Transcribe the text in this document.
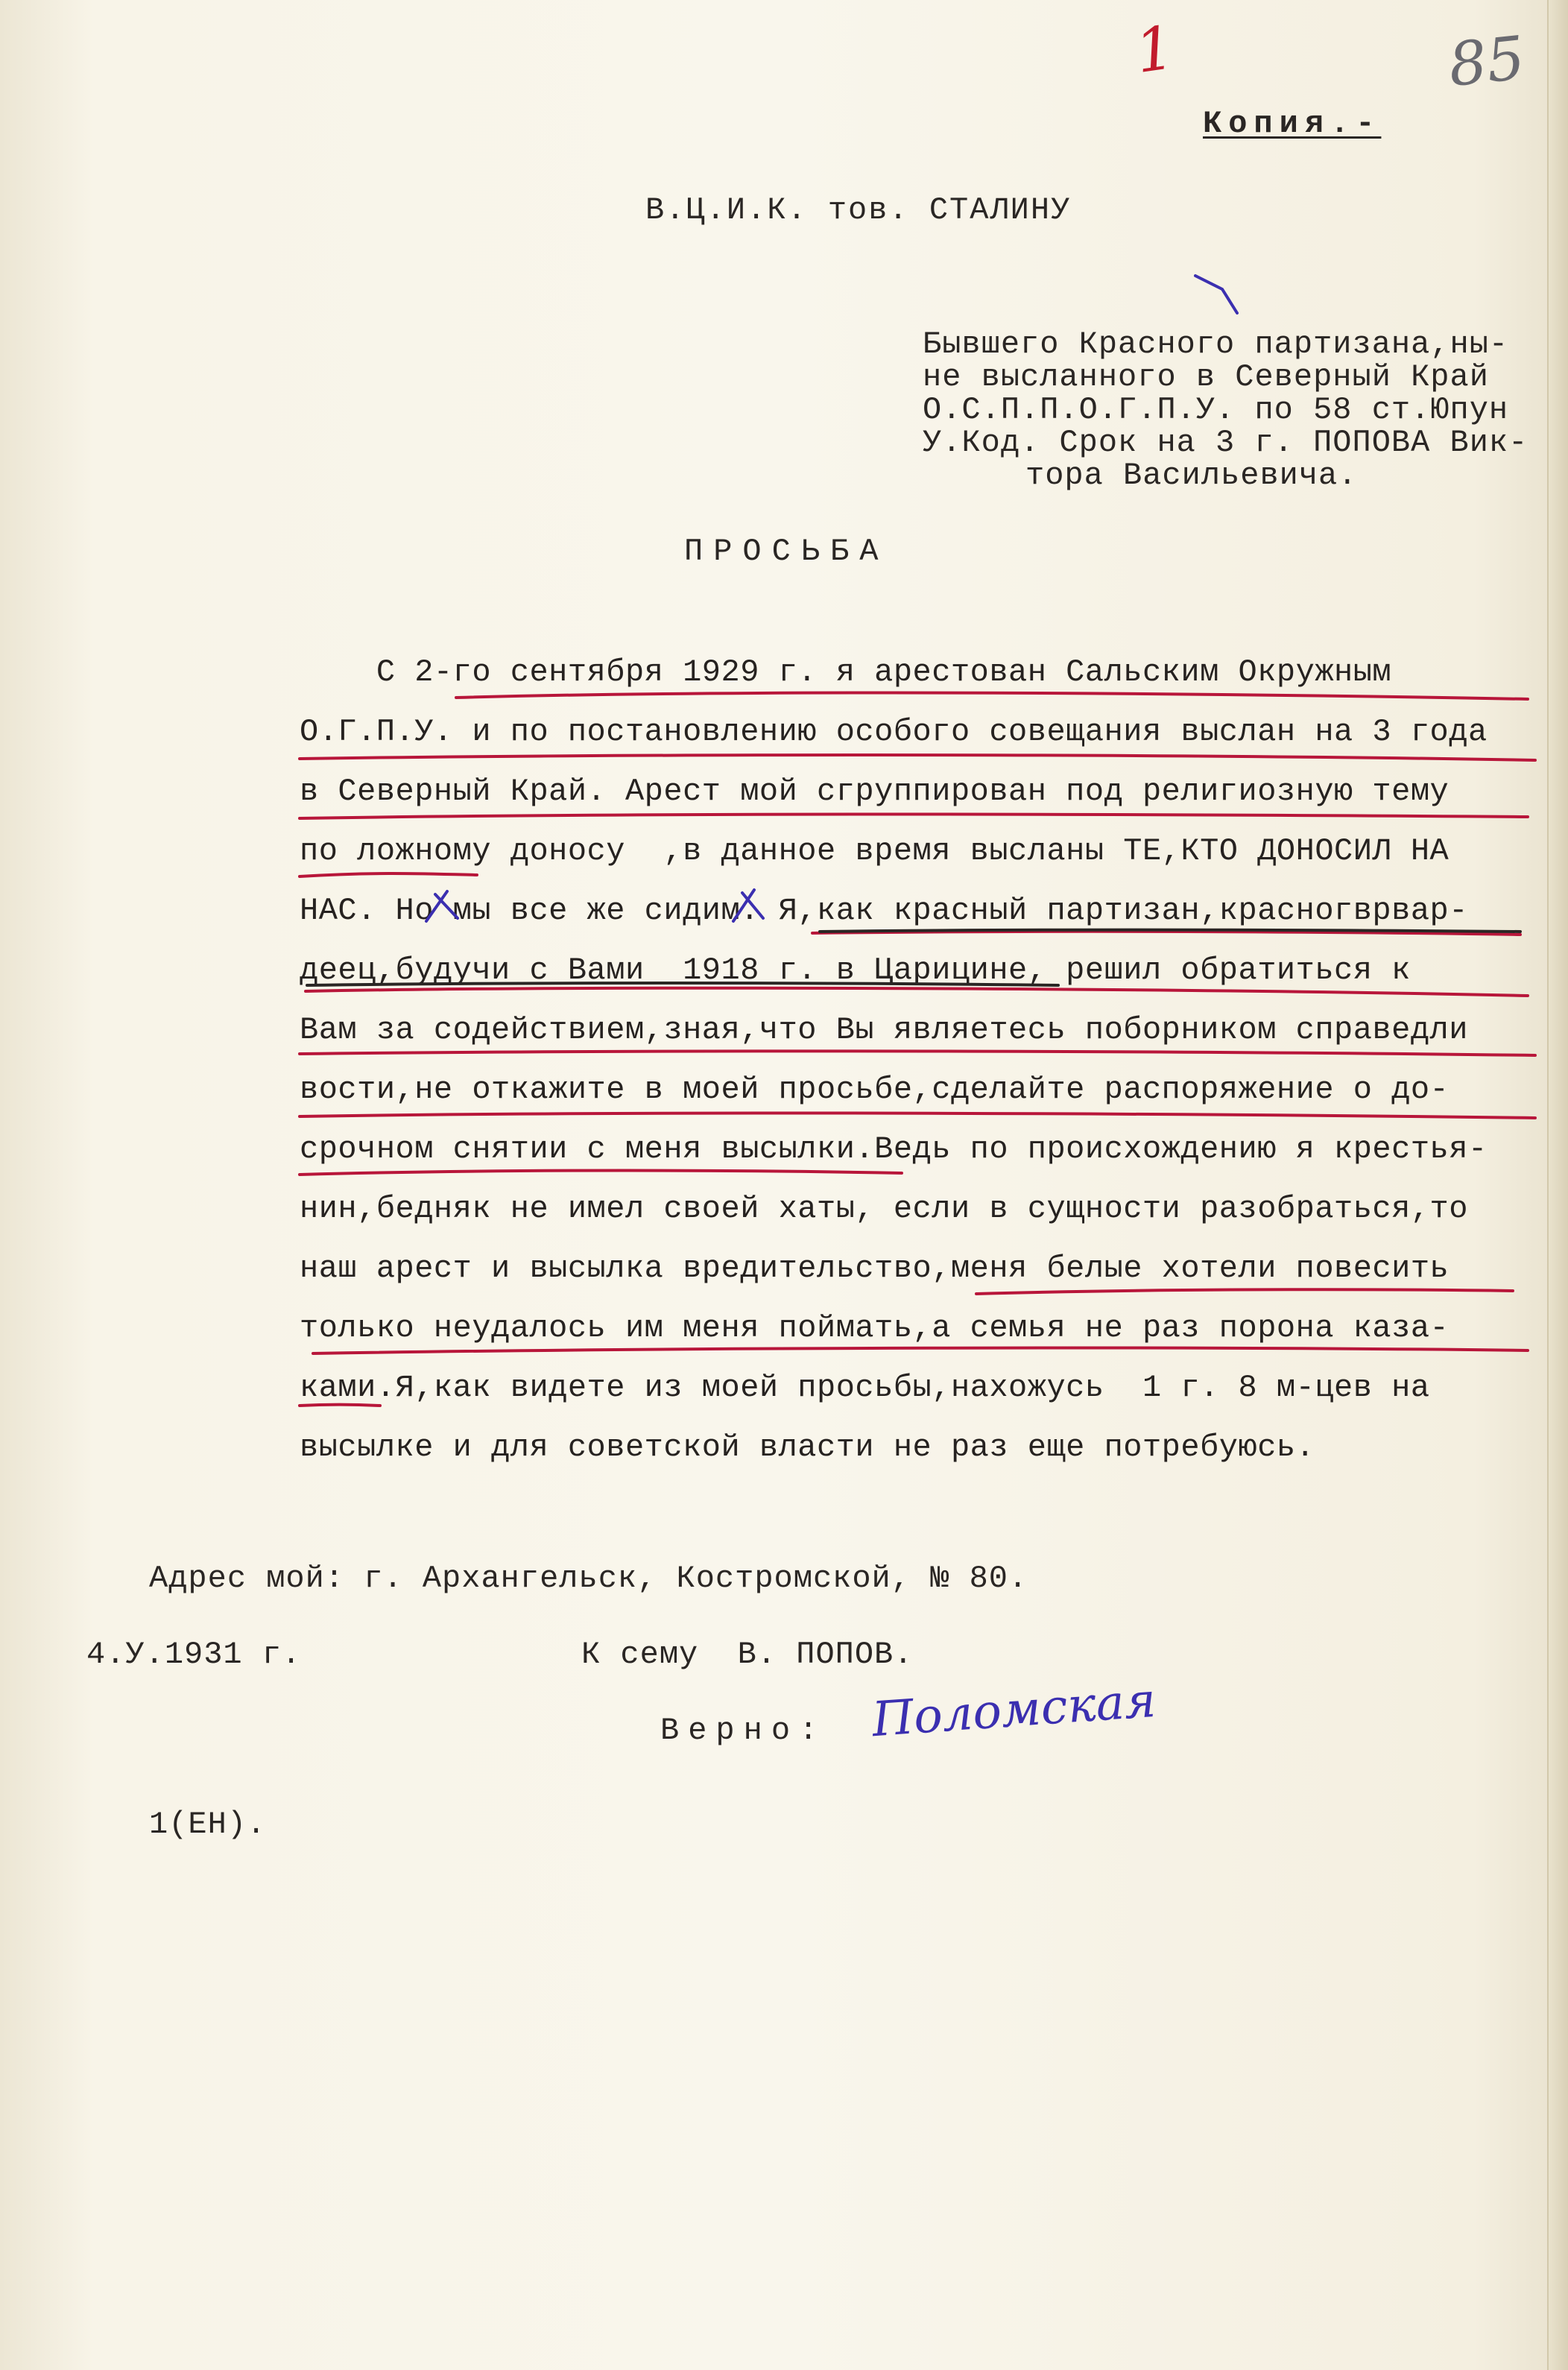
1	85
Копия.-
В.Ц.И.К. тов. СТАЛИНУ
Бывшего Красного партизана,ны-
не высланного в Северный Край
О.С.П.П.О.Г.П.У. по 58 ст.Юпун
У.Код. Срок на 3 г. ПОПОВА Вик-
тора Васильевича.
ПРОСЬБА
С 2-го сентября 1929 г. я арестован Сальским Окружным
О.Г.П.У. и по постановлению особого совещания выслан на 3 года
в Северный Край. Арест мой сгруппирован под религиозную тему
по ложному доносу  ,в данное время высланы ТЕ,КТО ДОНОСИЛ НА
НАС. Но мы все же сидим. Я,как красный партизан,красногврвар-
деец,будучи с Вами  1918 г. в Царицине, решил обратиться к
Вам за содействием,зная,что Вы являетесь поборником справедли
вости,не откажите в моей просьбе,сделайте распоряжение о до-
срочном снятии с меня высылки.Ведь по происхождению я крестья-
нин,бедняк не имел своей хаты, если в сущности разобраться,то
наш арест и высылка вредительство,меня белые хотели повесить
только неудалось им меня поймать,а семья не раз порона каза-
ками.Я,как видете из моей просьбы,нахожусь  1 г. 8 м-цев на
высылке и для советской власти не раз еще потребуюсь.
Адрес мой: г. Архангельск, Костромской, № 80.
4.У.1931 г.	К сему  В. ПОПОВ.
Верно: Поломская
1(ЕН).
